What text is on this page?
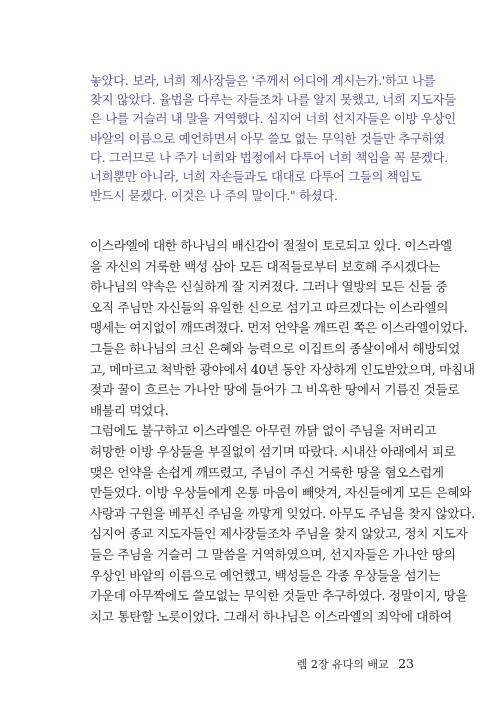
놓았다. 보라, 너희 제사장들은 '주께서 어디에 계시는가.'하고 나를
찾지 않았다. 율법을 다루는 자들조차 나를 알지 못했고, 너희 지도자들
은 나를 거슬러 내 말을 거역했다. 심지어 너희 선지자들은 이방 우상인
바알의 이름으로 예언하면서 아무 쓸모 없는 무익한 것들만 추구하였
다. 그러므로 나 주가 너희와 법정에서 다투어 너희 책임을 꼭 묻겠다.
너희뿐만 아니라, 너희 자손들과도 대대로 다투어 그들의 책임도
반드시 묻겠다. 이것은 나 주의 말이다." 하셨다.
이스라엘에 대한 하나님의 배신감이 절절이 토로되고 있다. 이스라엘
을 자신의 거룩한 백성 삼아 모든 대적들로부터 보호해 주시겠다는
하나님의 약속은 신실하게 잘 지켜졌다. 그러나 열방의 모든 신들 중
오직 주님만 자신들의 유일한 신으로 섬기고 따르겠다는 이스라엘의
맹세는 여지없이 깨뜨려졌다. 먼저 언약을 깨뜨린 쪽은 이스라엘이었다.
그들은 하나님의 크신 은혜와 능력으로 이집트의 종살이에서 해방되었
고, 메마르고 척박한 광야에서 40년 동안 자상하게 인도받았으며, 마침내
젖과 꿀이 흐르는 가나안 땅에 들어가 그 비옥한 땅에서 기름진 것들로
배불리 먹었다.
그럼에도 불구하고 이스라엘은 아무런 까닭 없이 주님을 저버리고
허망한 이방 우상들을 부질없이 섬기며 따랐다. 시내산 아래에서 피로
맺은 언약을 손쉽게 깨뜨렸고, 주님이 주신 거룩한 땅을 혐오스럽게
만들었다. 이방 우상들에게 온통 마음이 빼앗겨, 자신들에게 모든 은혜와
사랑과 구원을 베푸신 주님을 까맣게 잊었다. 아무도 주님을 찾지 않았다.
심지어 종교 지도자들인 제사장들조차 주님을 찾지 않았고, 정치 지도자
들은 주님을 거슬러 그 말씀을 거역하였으며, 선지자들은 가나안 땅의
우상인 바알의 이름으로 예언했고, 백성들은 각종 우상들을 섬기는
가운데 아무짝에도 쓸모없는 무익한 것들만 추구하였다. 정말이지, 땅을
치고 통탄할 노릇이었다. 그래서 하나님은 이스라엘의 죄악에 대하여
렘 2장 유다의 배교 23
